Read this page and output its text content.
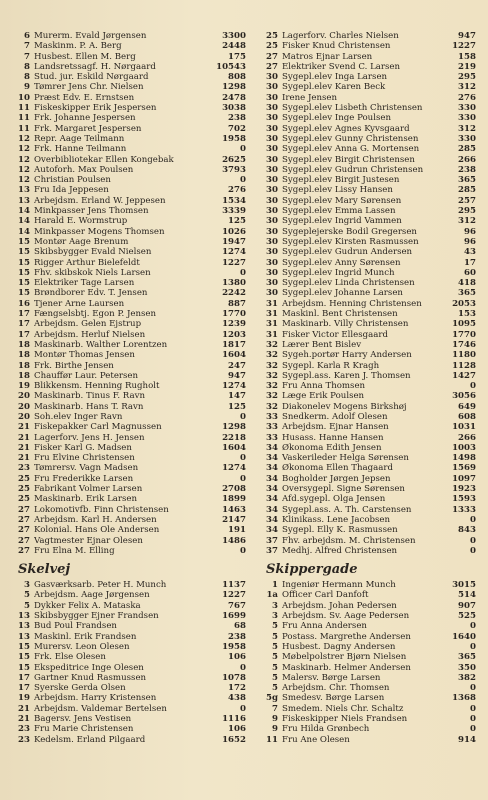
6 Murerm. Evald Jørgensen	3300
7 Maskinm. P. A. Berg	2448
7 Husbest. Ellen M. Berg	175
8 Landsretssagf. H. Nørgaard	10543
8 Stud. jur. Eskild Nørgaard	808
9 Tømrer Jens Chr. Nielsen	1298
10 Præst Edv. E. Ernstsen	2478
11 Fiskeskipper Erik Jespersen	3038
11 Frk. Johanne Jespersen	238
11 Frk. Margaret Jespersen	702
12 Repr. Aage Teilmann	1958
12 Frk. Hanne Teilmann	0
12 Overbibliotekar Ellen Kongebak	2625
12 Autoforh. Max Poulsen	3793
12 Christian Poulsen	0
13 Fru Ida Jeppesen	276
13 Arbejdsm. Erland W. Jeppesen	1534
14 Minkpasser Jens Thomsen	3339
14 Harald E. Wormstrup	125
14 Minkpasser Mogens Thomsen	1026
15 Montør Aage Brenum	1947
15 Skibsbygger Evald Nielsen	1274
15 Rigger Arthur Bielefeldt	1227
15 Fhv. skibskok Niels Larsen	0
15 Elektriker Tage Larsen	1380
15 Brøndborer Edv. T. Jensen	2242
16 Tjener Arne Laursen	887
17 Fængselsbtj. Egon P. Jensen	1770
17 Arbejdsm. Gelen Ejstrup	1239
17 Arbejdsm. Herluf Nielsen	1203
18 Maskinarb. Walther Lorentzen	1817
18 Montør Thomas Jensen	1604
18 Frk. Birthe Jensen	247
18 Chauffør Laur. Petersen	947
19 Blikkensm. Henning Rugholt	1274
20 Maskinarb. Tinus F. Ravn	147
20 Maskinarb. Hans T. Ravn	125
20 Soh.elev Inger Ravn	0
21 Fiskepakker Carl Magnussen	1298
21 Lagerforv. Jens H. Jensen	2218
21 Fisker Karl G. Madsen	1604
21 Fru Elvine Christensen	0
23 Tømrersv. Vagn Madsen	1274
25 Fru Frederikke Larsen	0
25 Fabrikant Volmer Larsen	2708
25 Maskinarb. Erik Larsen	1899
27 Lokomotivfb. Finn Christensen	1463
27 Arbejdsm. Karl H. Andersen	2147
27 Kolonial. Hans Ole Andersen	191
27 Vagtmester Ejnar Olesen	1486
27 Fru Elna M. Elling	0
Skelvej
3 Gasværksarb. Peter H. Munch	1137
5 Arbejdsm. Aage Jørgensen	1227
5 Dykker Felix A. Mataska	767
13 Skibsbygger Ejner Frandsen	1699
13 Bud Poul Frandsen	68
13 Maskinl. Erik Frandsen	238
15 Murersv. Leon Olesen	1958
15 Frk. Else Olesen	106
15 Ekspeditrice Inge Olesen	0
17 Gartner Knud Rasmussen	1078
17 Syerske Gerda Olsen	172
19 Arbejdsm. Harry Kristensen	438
21 Arbejdsm. Valdemar Bertelsen	0
21 Bagersv. Jens Vestisen	1116
23 Fru Marie Christensen	106
23 Kedelsm. Erland Pilgaard	1652
25 Lagerforv. Charles Nielsen	947
25 Fisker Knud Christensen	1227
27 Matros Ejnar Larsen	158
27 Elektriker Svend C. Larsen	219
30 Sygepl.elev Inga Larsen	295
30 Sygepl.elev Karen Beck	312
30 Irene Jensen	276
30 Sygepl.elev Lisbeth Christensen	330
30 Sygepl.elev Inge Poulsen	330
30 Sygepl.elev Agnes Kyvsgaard	312
30 Sygepl.elev Gunny Christensen	330
30 Sygepl.elev Anna G. Mortensen	285
30 Sygepl.elev Birgit Christensen	266
30 Sygepl.elev Gudrun Christensen	238
30 Sygepl.elev Birgit Justesen	365
30 Sygepl.elev Lissy Hansen	285
30 Sygepl.elev Mary Sørensen	257
30 Sygepl.elev Emma Lassen	295
30 Sygepl.elev Ingrid Vammen	312
30 Sygeplejerske Bodil Gregersen	96
30 Sygepl.elev Kirsten Rasmussen	96
30 Sygepl.elev Gudrun Andersen	43
30 Sygepl.elev Anny Sørensen	17
30 Sygepl.elev Ingrid Munch	60
30 Sygepl.elev Linda Christensen	418
30 Sygepl.elev Johanne Larsen	365
31 Arbejdsm. Henning Christensen	2053
31 Maskinl. Bent Christensen	153
31 Maskinarb. Villy Christensen	1095
31 Fisker Victor Ellesgaard	1770
32 Lærer Bent Bislev	1746
32 Sygeh.portør Harry Andersen	1180
32 Sygepl. Karla R Kragh	1128
32 Sygepl.ass. Karen J. Thomsen	1427
32 Fru Anna Thomsen	0
32 Læge Erik Poulsen	3056
32 Diakonelev Mogens Birkshøj	649
33 Snedkerm. Adolf Olesen	608
33 Arbejdsm. Ejnar Hansen	1031
33 Husass. Hanne Hansen	266
34 Økonoma Edith Jensen	1003
34 Vaskerileder Helga Sørensen	1498
34 Økonoma Ellen Thagaard	1569
34 Bogholder Jørgen Jepsen	1097
34 Oversygepl. Signe Sørensen	1923
34 Afd.sygepl. Olga Jensen	1593
34 Sygepl.ass. A. Th. Carstensen	1333
34 Klinikass. Lene Jacobsen	0
34 Sygepl. Elly K. Rasmussen	843
37 Fhv. arbejdsm. M. Christensen	0
37 Medhj. Alfred Christensen	0
Skippergade
1 Ingeniør Hermann Munch	3015
1a Officer Carl Danfoft	514
3 Arbejdsm. Johan Pedersen	907
3 Arbejdsm. Sv. Aage Pedersen	525
5 Fru Anna Andersen	0
5 Postass. Margrethe Andersen	1640
5 Husbest. Dagny Andersen	0
5 Møbelpolstrer Bjørn Nielsen	365
5 Maskinarb. Helmer Andersen	350
5 Malersv. Børge Larsen	382
5 Arbejdsm. Chr. Thomsen	0
5g Smedesv. Børge Larsen	1368
7 Smedem. Niels Chr. Schaltz	0
9 Fiskeskipper Niels Frandsen	0
9 Fru Hilda Grønbech	0
11 Fru Ane Olesen	914
